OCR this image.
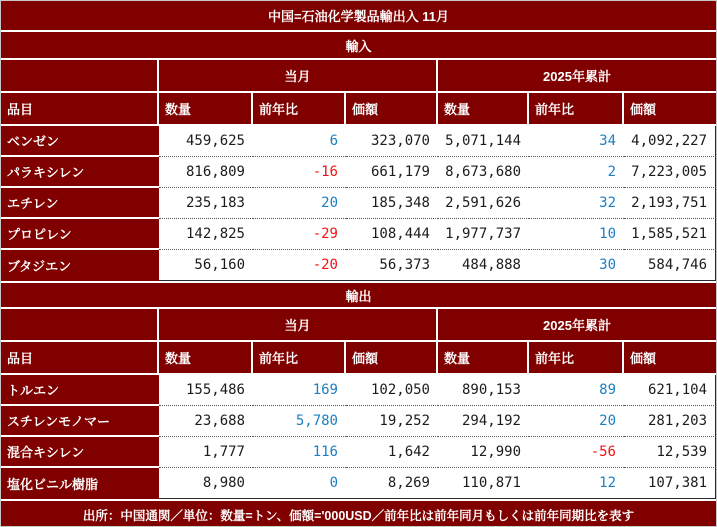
中国=石油化学製品輸出入 11月						
輸入						
	当月			2025年累計		
品目	数量	前年比	価額	数量	前年比	価額
ベンゼン	459,625	6	323,070	5,071,144	34	4,092,227
パラキシレン	816,809	-16	661,179	8,673,680	2	7,223,005
エチレン	235,183	20	185,348	2,591,626	32	2,193,751
プロピレン	142,825	-29	108,444	1,977,737	10	1,585,521
ブタジエン	56,160	-20	56,373	484,888	30	584,746
輸出						
	当月			2025年累計		
品目	数量	前年比	価額	数量	前年比	価額
トルエン	155,486	169	102,050	890,153	89	621,104
スチレンモノマー	23,688	5,780	19,252	294,192	20	281,203
混合キシレン	1,777	116	1,642	12,990	-56	12,539
塩化ビニル樹脂	8,980	0	8,269	110,871	12	107,381
出所：中国通関／単位：数量=トン、価額='000USD／前年比は前年同月もしくは前年同期比を表す						
